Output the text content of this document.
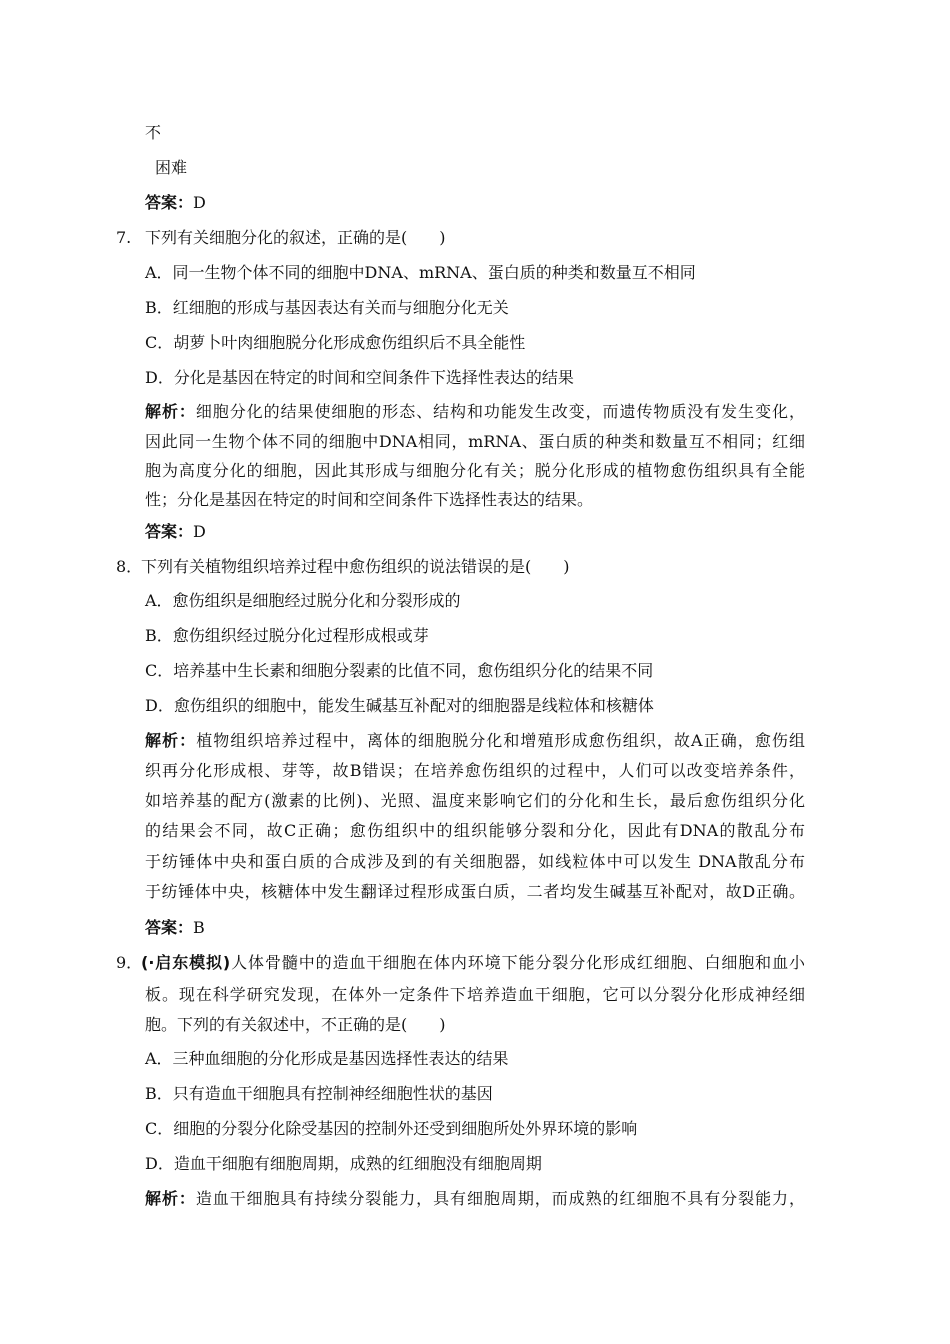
不
困难
答案：D
7. 下列有关细胞分化的叙述，正确的是(　　)
A．同一生物个体不同的细胞中DNA、mRNA、蛋白质的种类和数量互不相同
B．红细胞的形成与基因表达有关而与细胞分化无关
C．胡萝卜叶肉细胞脱分化形成愈伤组织后不具全能性
D．分化是基因在特定的时间和空间条件下选择性表达的结果
解析：细胞分化的结果使细胞的形态、结构和功能发生改变，而遗传物质没有发生变化，
因此同一生物个体不同的细胞中DNA相同，mRNA、蛋白质的种类和数量互不相同；红细
胞为高度分化的细胞，因此其形成与细胞分化有关；脱分化形成的植物愈伤组织具有全能
性；分化是基因在特定的时间和空间条件下选择性表达的结果。
答案：D
8．
下列有关植物组织培养过程中愈伤组织的说法错误的是(　　)
A．愈伤组织是细胞经过脱分化和分裂形成的
B．愈伤组织经过脱分化过程形成根或芽
C．培养基中生长素和细胞分裂素的比值不同，愈伤组织分化的结果不同
D．愈伤组织的细胞中，能发生碱基互补配对的细胞器是线粒体和核糖体
解析：植物组织培养过程中，离体的细胞脱分化和增殖形成愈伤组织，故A正确，愈伤组
织再分化形成根、芽等，故B错误；在培养愈伤组织的过程中，人们可以改变培养条件，
如培养基的配方(激素的比例)、光照、温度来影响它们的分化和生长，最后愈伤组织分化
的结果会不同，故C正确；愈伤组织中的组织能够分裂和分化，因此有DNA的散乱分布
于纺锤体中央和蛋白质的合成涉及到的有关细胞器，如线粒体中可以发生 DNA散乱分布
于纺锤体中央，核糖体中发生翻译过程形成蛋白质，二者均发生碱基互补配对，故D正确。
答案：B
9．
(·启东模拟)人体骨髓中的造血干细胞在体内环境下能分裂分化形成红细胞、白细胞和血小
板。现在科学研究发现，在体外一定条件下培养造血干细胞，它可以分裂分化形成神经细
胞。下列的有关叙述中，不正确的是(　　)
A．三种血细胞的分化形成是基因选择性表达的结果
B．只有造血干细胞具有控制神经细胞性状的基因
C．细胞的分裂分化除受基因的控制外还受到细胞所处外界环境的影响
D．造血干细胞有细胞周期，成熟的红细胞没有细胞周期
解析：造血干细胞具有持续分裂能力，具有细胞周期，而成熟的红细胞不具有分裂能力，
